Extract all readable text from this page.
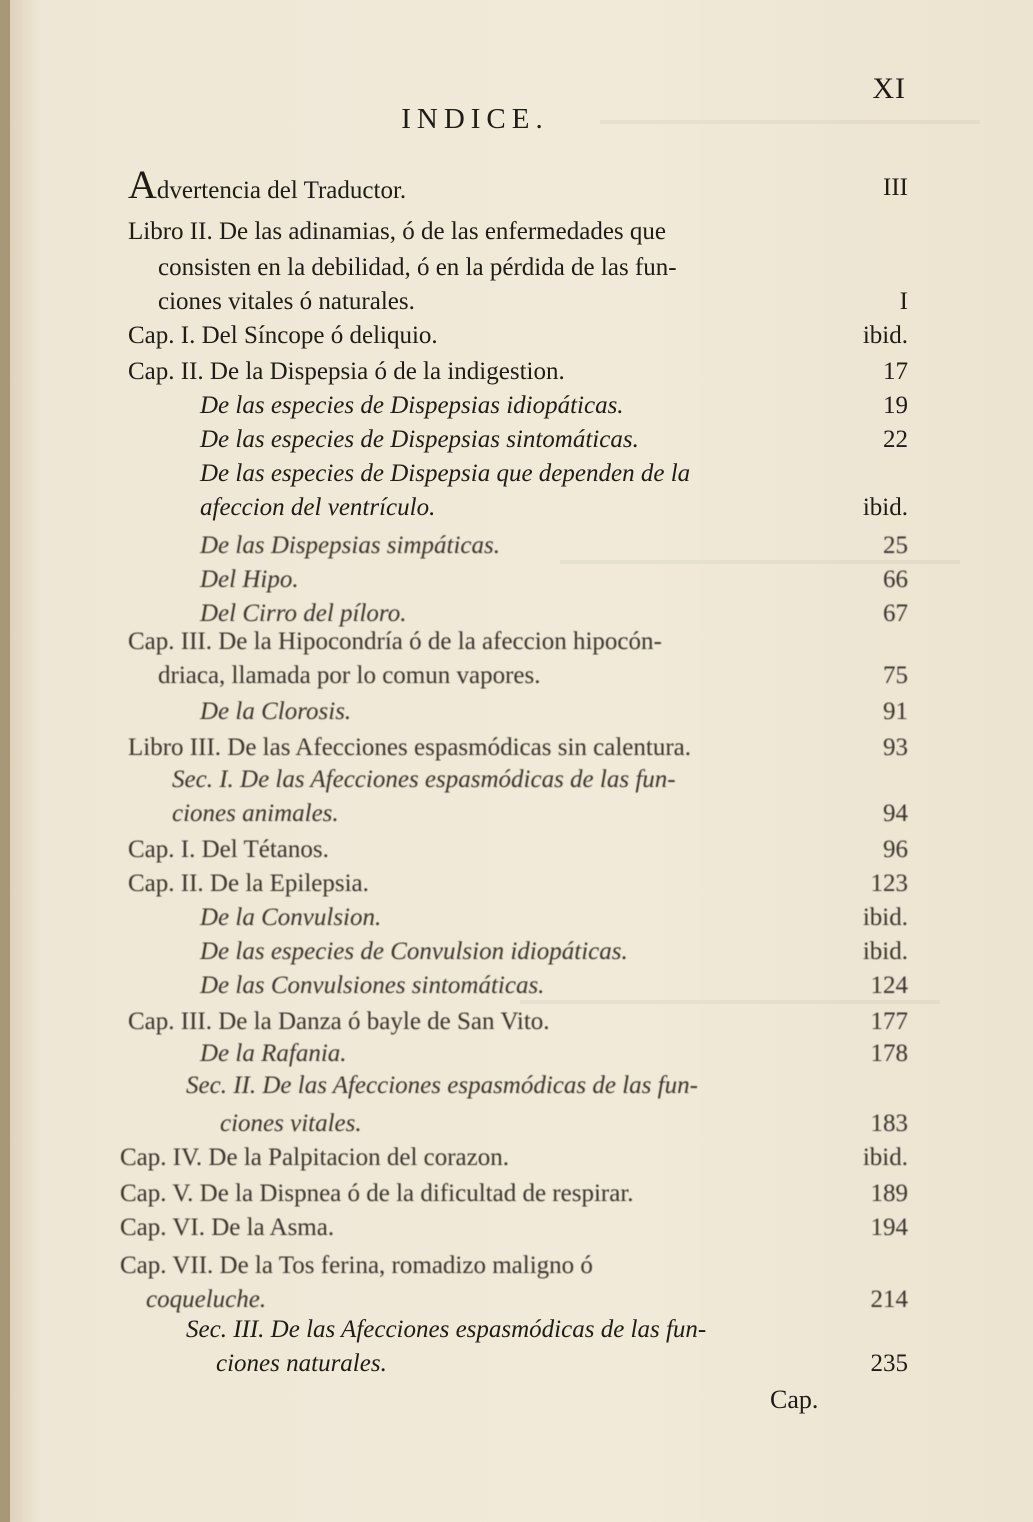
XI
INDICE.
Advertencia del Traductor.	III
Libro II. De las adinamias, ó de las enfermedades que
consisten en la debilidad, ó en la pérdida de las fun-
ciones vitales ó naturales.	I
Cap. I. Del Síncope ó deliquio.	ibid.
Cap. II. De la Dispepsia ó de la indigestion.	17
De las especies de Dispepsias idiopáticas.	19
De las especies de Dispepsias sintomáticas.	22
De las especies de Dispepsia que dependen de la
afeccion del ventrículo.	ibid.
De las Dispepsias simpáticas.	25
Del Hipo.	66
Del Cirro del píloro.	67
Cap. III. De la Hipocondría ó de la afeccion hipocón-
driaca, llamada por lo comun vapores.	75
De la Clorosis.	91
Libro III. De las Afecciones espasmódicas sin calentura.	93
Sec. I. De las Afecciones espasmódicas de las fun-
ciones animales.	94
Cap. I. Del Tétanos.	96
Cap. II. De la Epilepsia.	123
De la Convulsion.	ibid.
De las especies de Convulsion idiopáticas.	ibid.
De las Convulsiones sintomáticas.	124
Cap. III. De la Danza ó bayle de San Vito.	177
De la Rafania.	178
Sec. II. De las Afecciones espasmódicas de las fun-
ciones vitales.	183
Cap. IV. De la Palpitacion del corazon.	ibid.
Cap. V. De la Dispnea ó de la dificultad de respirar.	189
Cap. VI. De la Asma.	194
Cap. VII. De la Tos ferina, romadizo maligno ó
coqueluche.	214
Sec. III. De las Afecciones espasmódicas de las fun-
ciones naturales.	235
Cap.
